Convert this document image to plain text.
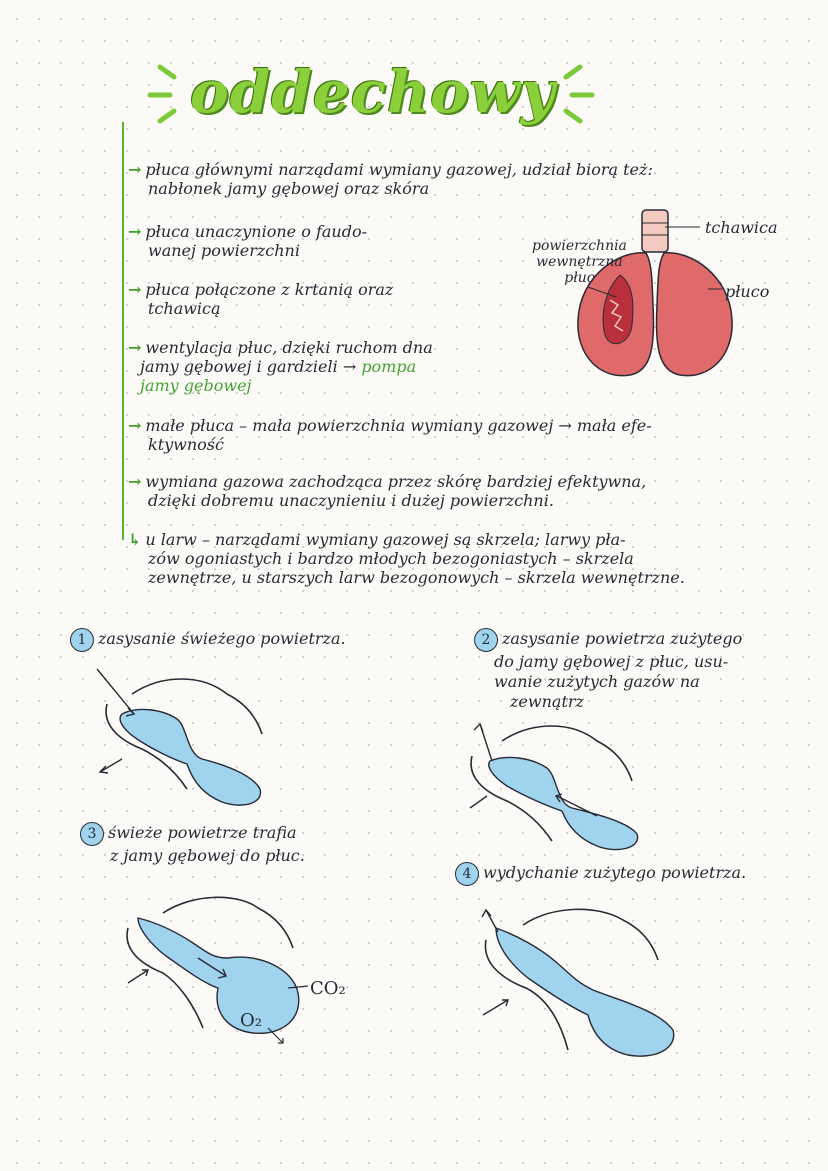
oddechowy
→ płuca głównymi narządami wymiany gazowej, udział biorą też:
nabłonek jamy gębowej oraz skóra
→ płuca unaczynione o faudo-
wanej powierzchni
→ płuca połączone z krtanią oraz
tchawicą
→ wentylacja płuc, dzięki ruchom dna
jamy gębowej i gardzieli → pompa
jamy gębowej
→ małe płuca – mała powierzchnia wymiany gazowej → mała efe-
ktywność
→ wymiana gazowa zachodząca przez skórę bardziej efektywna,
dzięki dobremu unaczynieniu i dużej powierzchni.
↳ u larw – narządami wymiany gazowej są skrzela; larwy pła-
zów ogoniastych i bardzo młodych bezogoniastych – skrzela
zewnętrze, u starszych larw bezogonowych – skrzela wewnętrzne.
tchawica
powierzchnia
wewnętrzna
płuc
płuco
1 zasysanie świeżego powietrza.	2 zasysanie powietrza zużytego
do jamy gębowej z płuc, usu-
wanie zużytych gazów na
zewnątrz
3 świeże powietrze trafia
z jamy gębowej do płuc.
4 wydychanie zużytego powietrza.
CO₂
O₂
